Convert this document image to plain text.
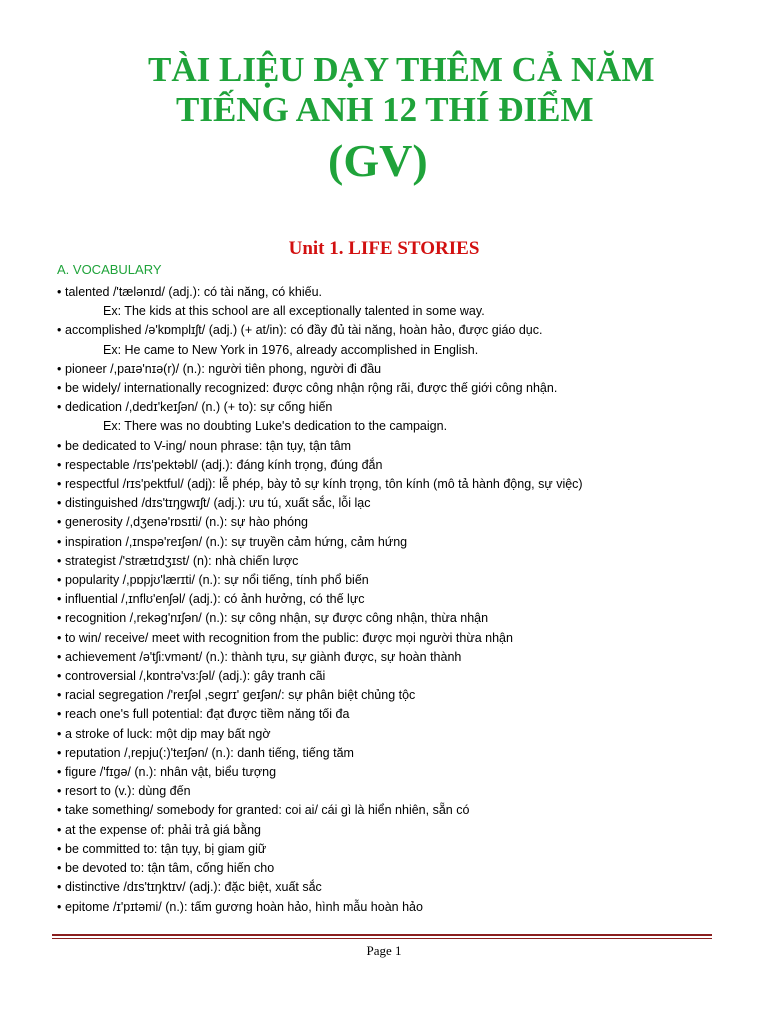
TÀI LIỆU DẠY THÊM CẢ NĂM
TIẾNG ANH 12 THÍ ĐIỂM
(GV)
Unit 1. LIFE STORIES
A. VOCABULARY
• talented /'tælənɪd/ (adj.): có tài năng, có khiếu.
Ex: The kids at this school are all exceptionally talented in some way.
• accomplished /ə'kɒmplɪʃt/ (adj.) (+ at/in): có đầy đủ tài năng, hoàn hảo, được giáo dục.
Ex: He came to New York in 1976, already accomplished in English.
• pioneer /,paɪə'nɪə(r)/ (n.): người tiên phong, người đi đầu
• be widely/ internationally recognized: được công nhận rộng rãi, được thế giới công nhận.
• dedication /,dedɪ'keɪʃən/ (n.) (+ to): sự cống hiến
Ex: There was no doubting Luke's dedication to the campaign.
• be dedicated to V-ing/ noun phrase: tận tụy, tận tâm
• respectable /rɪs'pektəbl/ (adj.): đáng kính trọng, đúng đắn
• respectful /rɪs'pektful/ (adj): lễ phép, bày tỏ sự kính trọng, tôn kính (mô tả hành động, sự việc)
• distinguished /dɪs'tɪŋgwɪʃt/ (adj.): ưu tú, xuất sắc, lỗi lạc
• generosity /,dʒenə'rɒsɪti/ (n.): sự hào phóng
• inspiration /,ɪnspə'reɪʃən/ (n.): sự truyền cảm hứng, cảm hứng
• strategist /'strætɪdʒɪst/ (n): nhà chiến lược
• popularity /,pɒpjʊ'lærɪti/ (n.): sự nổi tiếng, tính phổ biến
• influential /,ɪnflʊ'enʃəl/ (adj.): có ảnh hưởng, có thế lực
• recognition /,rekəg'nɪʃən/ (n.): sự công nhận, sự được công nhận, thừa nhận
• to win/ receive/ meet with recognition from the public: được mọi người thừa nhận
• achievement /ə'tʃi:vmənt/ (n.): thành tựu, sự giành được, sự hoàn thành
• controversial /,kɒntrə'vɜ:ʃəl/ (adj.): gây tranh cãi
• racial segregation /'reɪʃəl ,segrɪ' geɪʃən/: sự phân biệt chủng tộc
• reach one's full potential: đạt được tiềm năng tối đa
• a stroke of luck: một dịp may bất ngờ
• reputation /,repju(:)'teɪʃən/ (n.): danh tiếng, tiếng tăm
• figure /'fɪgə/ (n.): nhân vật, biểu tượng
• resort to (v.): dùng đến
• take something/ somebody for granted: coi ai/ cái gì là hiển nhiên, sẵn có
• at the expense of: phải trả giá bằng
• be committed to: tận tụy, bị giam giữ
• be devoted to: tận tâm, cống hiến cho
• distinctive /dɪs'tɪŋktɪv/ (adj.): đặc biệt, xuất sắc
• epitome /ɪ'pɪtəmi/ (n.): tấm gương hoàn hảo, hình mẫu hoàn hảo
Page 1
